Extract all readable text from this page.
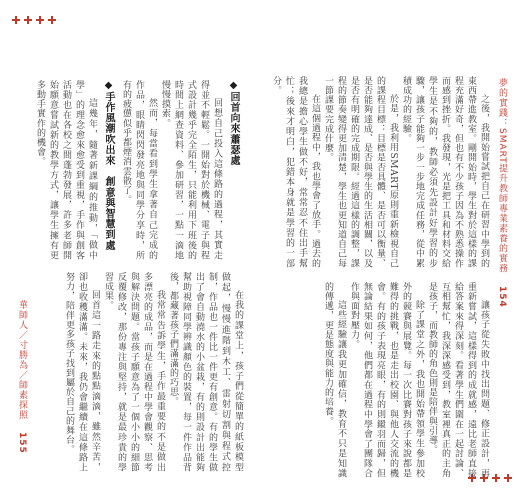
夢的實踐：SMART提升教師專業素養的實務 154

之後，我開始嘗試把自己在研習中學到的東西帶進教室。剛開始時，學生對於這樣的課程充滿好奇，但也有不少孩子因為不熟悉操作而感到挫折。我發現，光是把工具和材料交給學生是不夠的，教師必須先設計好學習的步驟，讓孩子能夠一步一步地完成任務，從中累積成功的經驗。

於是，我利用SMART原則重新檢視自己的課程目標：目標是否具體、是否可以衡量、是否能夠達成、是否與學生的生活相關，以及是否有明確的完成期限。經過這樣的調整，課程的節奏變得更加清楚，學生也更知道自己每一節課要完成什麼。

在這個過程中，我也學會了放手。過去的我總是擔心學生做不好，常常忍不住出手幫忙；後來才明白，犯錯本身就是學習的一部分。

讓孩子從失敗中找出問題、修正設計，再重新嘗試，這樣得到的成就感，遠比老師直接給答案來得深刻。看著學生們圍在一起討論、互相幫忙，我深深感受到，教室裡真正的主角是孩子，而教師的角色則是陪伴與引導。

除了課堂之外，我也開始帶領學生參加校外的競賽與展覽。每一次比賽對孩子來說都是難得的挑戰，也是走出校園、與他人交流的機會。有的孩子表現亮眼，有的則鎩羽而歸，但無論結果如何，他們都在過程中學會了團隊合作與面對壓力。

這些經驗讓我更加確信，教育不只是知識的傳遞，更是態度與能力的培養。

◆回首向來蕭瑟處

回想自己投入這條路的過程，其實走得並不輕鬆。一開始對於機械、電子與程式設計幾乎完全陌生，只能利用下班後的時間上網查資料、參加研習，一點一滴地慢慢摸索。

然而，每當看到學生拿著自己完成的作品，眼睛閃閃發亮地與同學分享時，所有的疲憊似乎都煙消雲散了。

◆手作風潮吹出來　創意與智慧到處

這幾年，隨著新課綱的推動，「做中學」的理念愈來愈受到重視，手作與創客活動也在各校之間蓬勃發展，許多老師開始願意嘗試新的教學方式，讓學生擁有更多動手實作的機會。

在我的課堂上，孩子們從簡單的紙板模型做起，慢慢進階到木工、雷射切割與程式控制，作品也一件比一件更有創意。有的學生做出了會自動澆水的小盆栽，有的則設計出能夠幫助視障同學辨識顏色的裝置，每一件作品背後，都藏著孩子們滿滿的巧思。

我常常告訴學生，手作最重要的不是做出多漂亮的成品，而是在過程中學會觀察、思考與解決問題。當孩子願意為了一個小小的細節反覆修改，那份專注與堅持，就是最珍貴的學習成果。

回首這一路走來的點點滴滴，雖然辛苦，卻也收穫滿滿。未來，我仍會繼續在這條路上努力，陪伴更多孩子找到屬於自己的舞台。

華師人／寸勝為／師素探照 155
